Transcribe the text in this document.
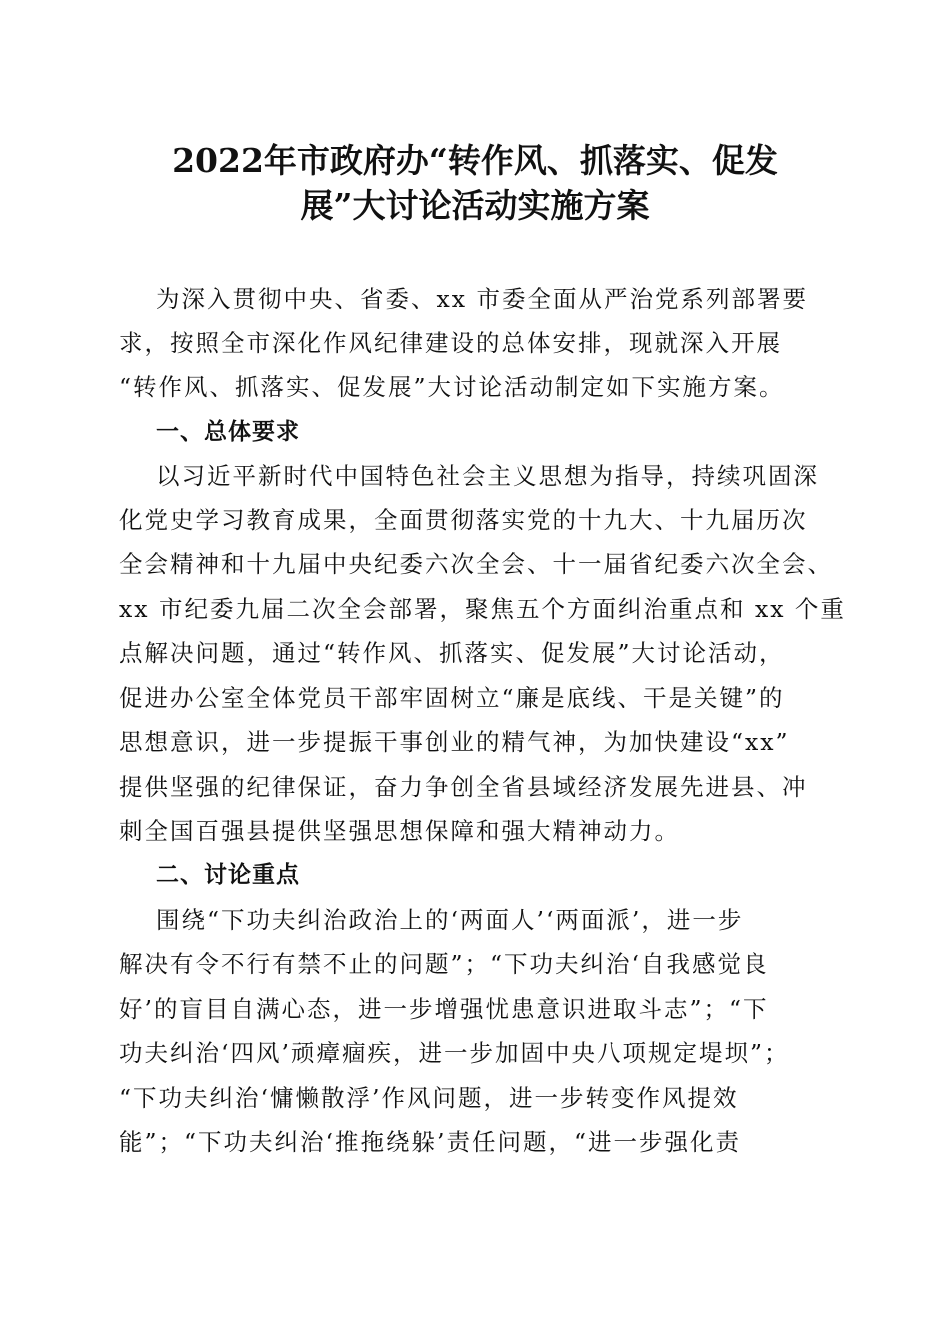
2022年市政府办“转作风、抓落实、促发
展”大讨论活动实施方案

为深入贯彻中央、省委、xx 市委全面从严治党系列部署要

求，按照全市深化作风纪律建设的总体安排，现就深入开展

“转作风、抓落实、促发展”大讨论活动制定如下实施方案。

一、总体要求

以习近平新时代中国特色社会主义思想为指导，持续巩固深

化党史学习教育成果，全面贯彻落实党的十九大、十九届历次

全会精神和十九届中央纪委六次全会、十一届省纪委六次全会、

xx 市纪委九届二次全会部署，聚焦五个方面纠治重点和 xx 个重

点解决问题，通过“转作风、抓落实、促发展”大讨论活动，

促进办公室全体党员干部牢固树立“廉是底线、干是关键”的

思想意识，进一步提振干事创业的精气神，为加快建设“xx”

提供坚强的纪律保证，奋力争创全省县域经济发展先进县、冲

刺全国百强县提供坚强思想保障和强大精神动力。

二、讨论重点

围绕“下功夫纠治政治上的‘两面人’‘两面派’，进一步

解决有令不行有禁不止的问题”；“下功夫纠治‘自我感觉良

好’的盲目自满心态，进一步增强忧患意识进取斗志”；“下

功夫纠治‘四风’顽瘴痼疾，进一步加固中央八项规定堤坝”；

“下功夫纠治‘慵懒散浮’作风问题，进一步转变作风提效

能”；“下功夫纠治‘推拖绕躲’责任问题，“进一步强化责
